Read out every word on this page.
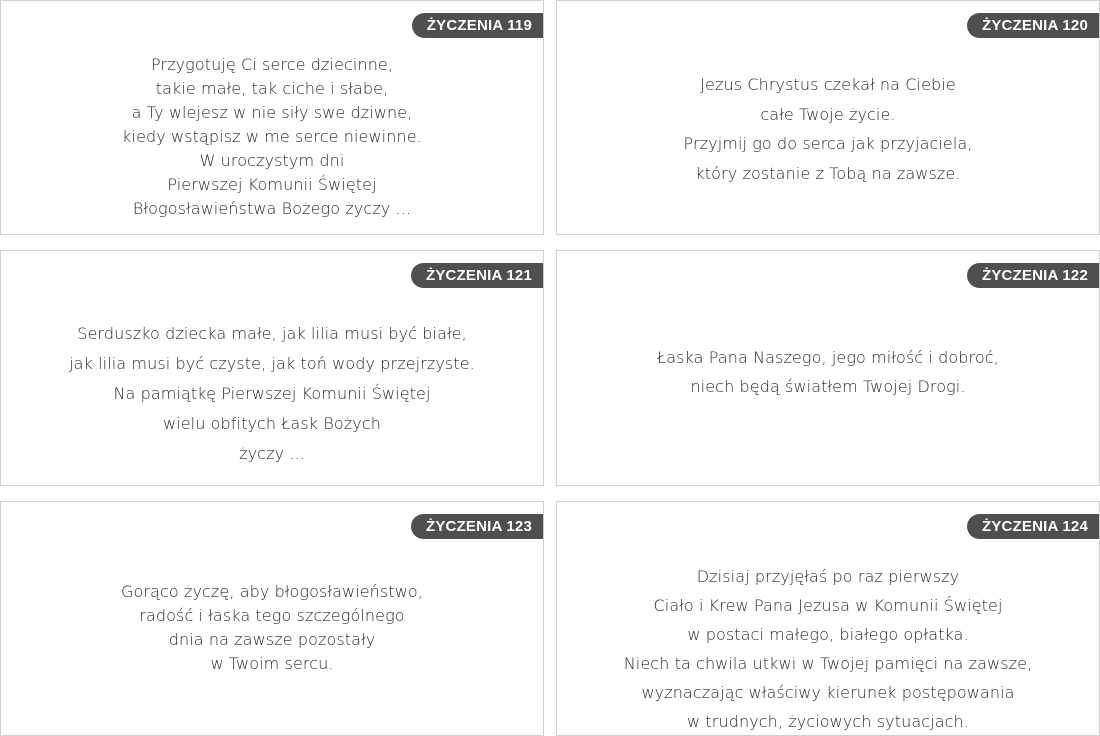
ŻYCZENIA 119
Przygotuję Ci serce dziecinne,
takie małe, tak ciche i słabe,
a Ty wlejesz w nie siły swe dziwne,
kiedy wstąpisz w me serce niewinne.
W uroczystym dni
Pierwszej Komunii Świętej
Błogosławieństwa Bożego życzy ...
ŻYCZENIA 120
Jezus Chrystus czekał na Ciebie
całe Twoje życie.
Przyjmij go do serca jak przyjaciela,
który zostanie z Tobą na zawsze.
ŻYCZENIA 121
Serduszko dziecka małe, jak lilia musi być białe,
jak lilia musi być czyste, jak toń wody przejrzyste.
Na pamiątkę Pierwszej Komunii Świętej
wielu obfitych Łask Bożych
życzy ...
ŻYCZENIA 122
Łaska Pana Naszego, jego miłość i dobroć,
niech będą światłem Twojej Drogi.
ŻYCZENIA 123
Gorąco życzę, aby błogosławieństwo,
radość i łaska tego szczególnego
dnia na zawsze pozostały
w Twoim sercu.
ŻYCZENIA 124
Dzisiaj przyjęłaś po raz pierwszy
Ciało i Krew Pana Jezusa w Komunii Świętej
w postaci małego, białego opłatka.
Niech ta chwila utkwi w Twojej pamięci na zawsze,
wyznaczając właściwy kierunek postępowania
w trudnych, życiowych sytuacjach.
